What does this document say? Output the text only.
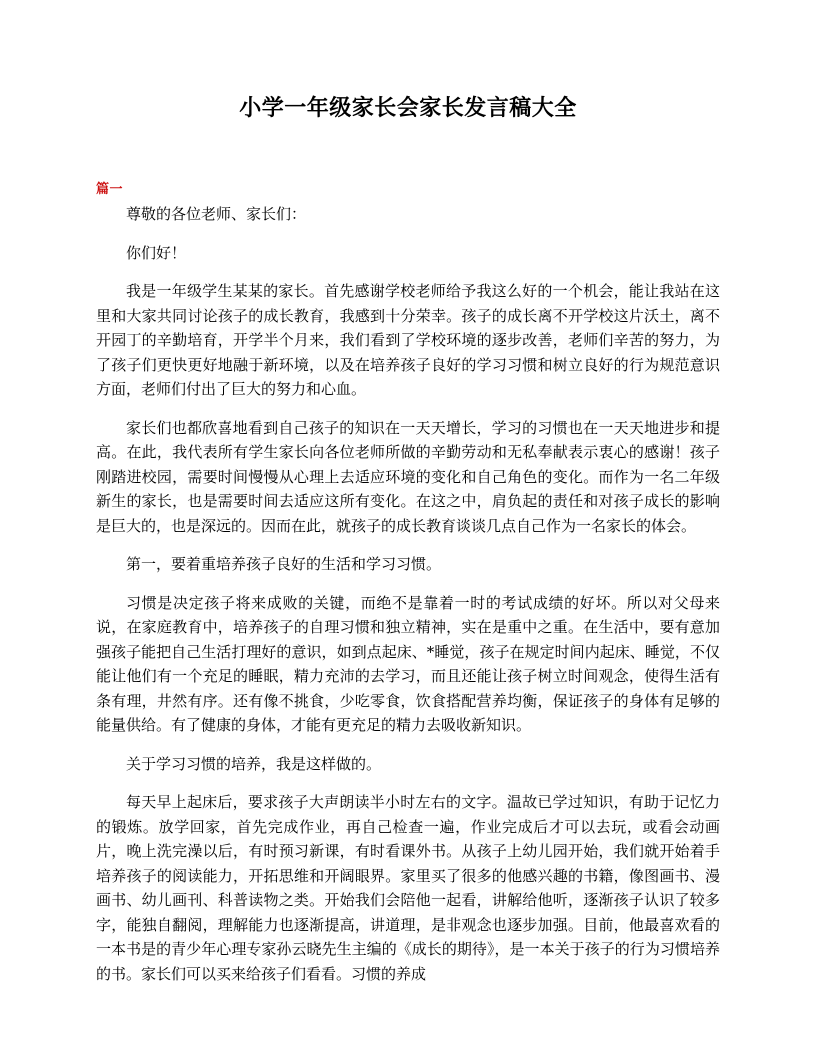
小学一年级家长会家长发言稿大全

篇一

尊敬的各位老师、家长们：

你们好！

我是一年级学生某某的家长。首先感谢学校老师给予我这么好的一个机会，能让我站在这里和大家共同讨论孩子的成长教育，我感到十分荣幸。孩子的成长离不开学校这片沃土，离不开园丁的辛勤培育，开学半个月来，我们看到了学校环境的逐步改善，老师们辛苦的努力，为了孩子们更快更好地融于新环境，以及在培养孩子良好的学习习惯和树立良好的行为规范意识方面，老师们付出了巨大的努力和心血。

家长们也都欣喜地看到自己孩子的知识在一天天增长，学习的习惯也在一天天地进步和提高。在此，我代表所有学生家长向各位老师所做的辛勤劳动和无私奉献表示衷心的感谢！孩子刚踏进校园，需要时间慢慢从心理上去适应环境的变化和自己角色的变化。而作为一名二年级新生的家长，也是需要时间去适应这所有变化。在这之中，肩负起的责任和对孩子成长的影响是巨大的，也是深远的。因而在此，就孩子的成长教育谈谈几点自己作为一名家长的体会。

第一，要着重培养孩子良好的生活和学习习惯。

习惯是决定孩子将来成败的关键，而绝不是靠着一时的考试成绩的好坏。所以对父母来说，在家庭教育中，培养孩子的自理习惯和独立精神，实在是重中之重。在生活中，要有意加强孩子能把自己生活打理好的意识，如到点起床、*睡觉，孩子在规定时间内起床、睡觉，不仅能让他们有一个充足的睡眠，精力充沛的去学习，而且还能让孩子树立时间观念，使得生活有条有理，井然有序。还有像不挑食，少吃零食，饮食搭配营养均衡，保证孩子的身体有足够的能量供给。有了健康的身体，才能有更充足的精力去吸收新知识。

关于学习习惯的培养，我是这样做的。

每天早上起床后，要求孩子大声朗读半小时左右的文字。温故已学过知识，有助于记忆力的锻炼。放学回家，首先完成作业，再自己检查一遍，作业完成后才可以去玩，或看会动画片，晚上洗完澡以后，有时预习新课，有时看课外书。从孩子上幼儿园开始，我们就开始着手培养孩子的阅读能力，开拓思维和开阔眼界。家里买了很多的他感兴趣的书籍，像图画书、漫画书、幼儿画刊、科普读物之类。开始我们会陪他一起看，讲解给他听，逐渐孩子认识了较多字，能独自翻阅，理解能力也逐渐提高，讲道理，是非观念也逐步加强。目前，他最喜欢看的一本书是的青少年心理专家孙云晓先生主编的《成长的期待》，是一本关于孩子的行为习惯培养的书。家长们可以买来给孩子们看看。习惯的养成
